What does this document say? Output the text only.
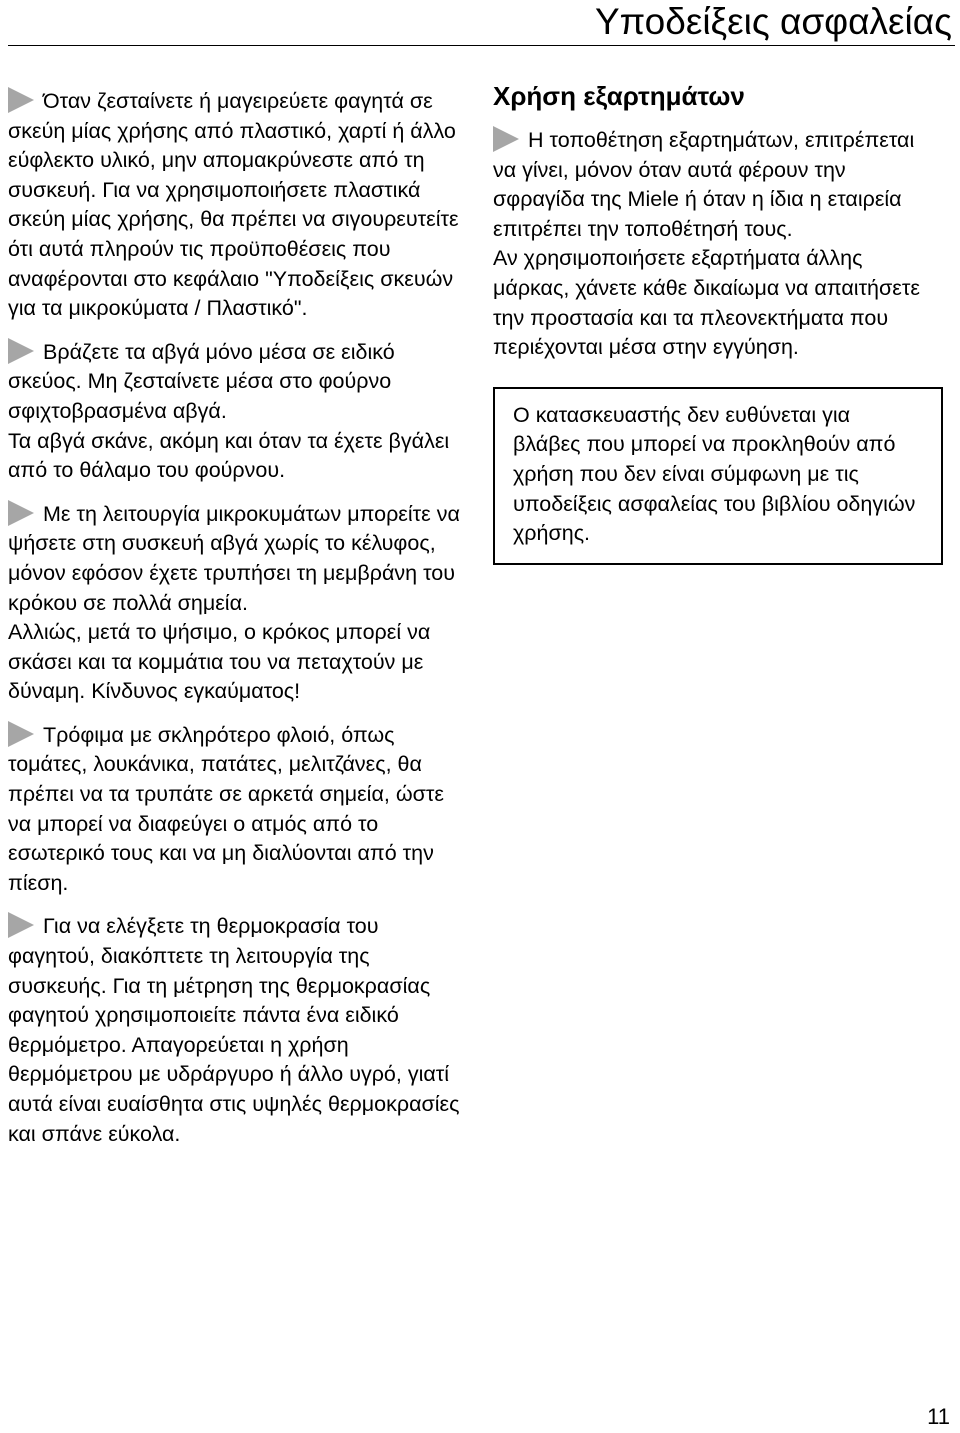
Υποδείξεις ασφαλείας

Όταν ζεσταίνετε ή μαγειρεύετε φαγητά σε σκεύη μίας χρήσης από πλαστικό, χαρτί ή άλλο εύφλεκτο υλικό, μην απομακρύνεστε από τη συσκευή. Για να χρησιμοποιήσετε πλαστικά σκεύη μίας χρήσης, θα πρέπει να σιγουρευτείτε ότι αυτά πληρούν τις προϋποθέσεις που αναφέρονται στο κεφάλαιο "Υποδείξεις σκευών για τα μικροκύματα / Πλαστικό".

Βράζετε τα αβγά μόνο μέσα σε ειδικό σκεύος. Μη ζεσταίνετε μέσα στο φούρνο σφιχτοβρασμένα αβγά.

Τα αβγά σκάνε, ακόμη και όταν τα έχετε βγάλει από το θάλαμο του φούρνου.

Με τη λειτουργία μικροκυμάτων μπορείτε να ψήσετε στη συσκευή αβγά χωρίς το κέλυφος, μόνον εφόσον έχετε τρυπήσει τη μεμβράνη του κρόκου σε πολλά σημεία.

Αλλιώς, μετά το ψήσιμο, ο κρόκος μπορεί να σκάσει και τα κομμάτια του να πεταχτούν με δύναμη. Κίνδυνος εγκαύματος!

Τρόφιμα με σκληρότερο φλοιό, όπως τομάτες, λουκάνικα, πατάτες, μελιτζάνες, θα πρέπει να τα τρυπάτε σε αρκετά σημεία, ώστε να μπορεί να διαφεύγει ο ατμός από το εσωτερικό τους και να μη διαλύονται από την πίεση.

Για να ελέγξετε τη θερμοκρασία του φαγητού, διακόπτετε τη λειτουργία της συσκευής. Για τη μέτρηση της θερμοκρασίας φαγητού χρησιμοποιείτε πάντα ένα ειδικό θερμόμετρο. Απαγορεύεται η χρήση θερμόμετρου με υδράργυρο ή άλλο υγρό, γιατί αυτά είναι ευαίσθητα στις υψηλές θερμοκρασίες και σπάνε εύκολα.

Χρήση εξαρτημάτων

Η τοποθέτηση εξαρτημάτων, επιτρέπεται να γίνει, μόνον όταν αυτά φέρουν την σφραγίδα της Miele ή όταν η ίδια η εταιρεία επιτρέπει την τοποθέτησή τους.

Αν χρησιμοποιήσετε εξαρτήματα άλλης μάρκας, χάνετε κάθε δικαίωμα να απαιτήσετε την προστασία και τα πλεονεκτήματα που περιέχονται μέσα στην εγγύηση.

Ο κατασκευαστής δεν ευθύνεται για βλάβες που μπορεί να προκληθούν από χρήση που δεν είναι σύμφωνη με τις υποδείξεις ασφαλείας του βιβλίου οδηγιών χρήσης.

11
